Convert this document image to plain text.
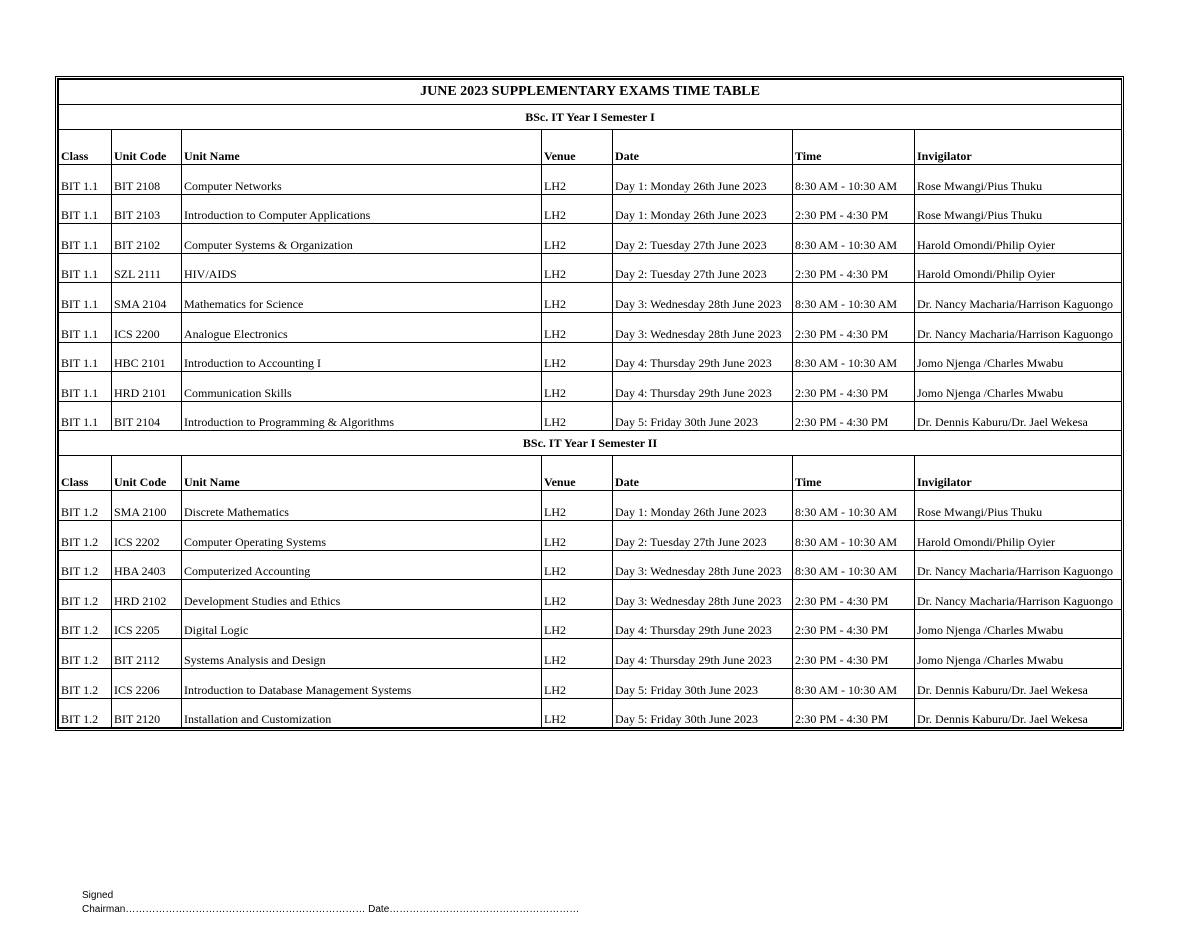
JUNE 2023 SUPPLEMENTARY EXAMS TIME TABLE						
BSc. IT Year I Semester I						
Class	Unit Code	Unit Name	Venue	Date	Time	Invigilator
BIT 1.1	BIT 2108	Computer Networks	LH2	Day 1: Monday 26th June 2023	8:30 AM - 10:30 AM	Rose Mwangi/Pius Thuku
BIT 1.1	BIT 2103	Introduction to Computer Applications	LH2	Day 1: Monday 26th June 2023	2:30 PM - 4:30 PM	Rose Mwangi/Pius Thuku
BIT 1.1	BIT 2102	Computer Systems & Organization	LH2	Day 2: Tuesday 27th June 2023	8:30 AM - 10:30 AM	Harold Omondi/Philip Oyier
BIT 1.1	SZL 2111	HIV/AIDS	LH2	Day 2: Tuesday 27th June 2023	2:30 PM - 4:30 PM	Harold Omondi/Philip Oyier
BIT 1.1	SMA 2104	Mathematics for Science	LH2	Day 3: Wednesday 28th June 2023	8:30 AM - 10:30 AM	Dr. Nancy Macharia/Harrison Kaguongo
BIT 1.1	ICS 2200	Analogue Electronics	LH2	Day 3: Wednesday 28th June 2023	2:30 PM - 4:30 PM	Dr. Nancy Macharia/Harrison Kaguongo
BIT 1.1	HBC 2101	Introduction to Accounting I	LH2	Day 4: Thursday 29th June 2023	8:30 AM - 10:30 AM	Jomo Njenga /Charles Mwabu
BIT 1.1	HRD 2101	Communication Skills	LH2	Day 4: Thursday 29th June 2023	2:30 PM - 4:30 PM	Jomo Njenga /Charles Mwabu
BIT 1.1	BIT 2104	Introduction to Programming & Algorithms	LH2	Day 5: Friday 30th June 2023	2:30 PM - 4:30 PM	Dr. Dennis Kaburu/Dr. Jael Wekesa
BSc. IT Year I Semester II						
Class	Unit Code	Unit Name	Venue	Date	Time	Invigilator
BIT 1.2	SMA 2100	Discrete Mathematics	LH2	Day 1: Monday 26th June 2023	8:30 AM - 10:30 AM	Rose Mwangi/Pius Thuku
BIT 1.2	ICS 2202	Computer Operating Systems	LH2	Day 2: Tuesday 27th June 2023	8:30 AM - 10:30 AM	Harold Omondi/Philip Oyier
BIT 1.2	HBA 2403	Computerized Accounting	LH2	Day 3: Wednesday 28th June 2023	8:30 AM - 10:30 AM	Dr. Nancy Macharia/Harrison Kaguongo
BIT 1.2	HRD 2102	Development Studies and Ethics	LH2	Day 3: Wednesday 28th June 2023	2:30 PM - 4:30 PM	Dr. Nancy Macharia/Harrison Kaguongo
BIT 1.2	ICS 2205	Digital Logic	LH2	Day 4: Thursday 29th June 2023	2:30 PM - 4:30 PM	Jomo Njenga /Charles Mwabu
BIT 1.2	BIT 2112	Systems Analysis and Design	LH2	Day 4: Thursday 29th June 2023	2:30 PM - 4:30 PM	Jomo Njenga /Charles Mwabu
BIT 1.2	ICS 2206	Introduction to Database Management Systems	LH2	Day 5: Friday 30th June 2023	8:30 AM - 10:30 AM	Dr. Dennis Kaburu/Dr. Jael Wekesa
BIT 1.2	BIT 2120	Installation and Customization	LH2	Day 5: Friday 30th June 2023	2:30 PM - 4:30 PM	Dr. Dennis Kaburu/Dr. Jael Wekesa
Signed
Chairman……………………………………………………………… Date…………………………………………………
